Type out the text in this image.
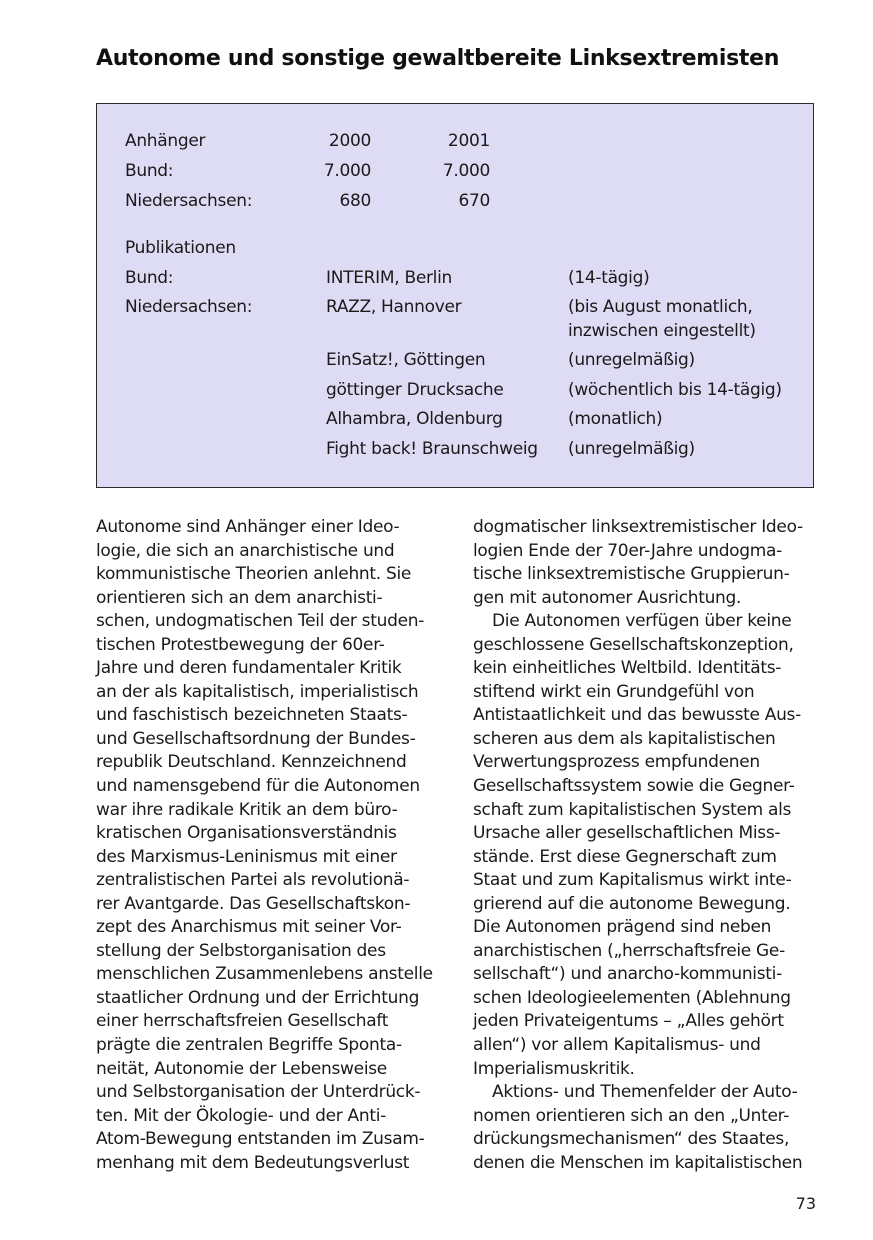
Autonome und sonstige gewaltbereite Linksextremisten
Anhänger	2000	2001
Bund:	7.000	7.000
Niedersachsen:	680	670
Publikationen
Bund:	INTERIM, Berlin	(14-tägig)
Niedersachsen:	RAZZ, Hannover	(bis August monatlich,
inzwischen eingestellt)
EinSatz!, Göttingen	(unregelmäßig)
göttinger Drucksache	(wöchentlich bis 14-tägig)
Alhambra, Oldenburg	(monatlich)
Fight back! Braunschweig (unregelmäßig)
Autonome sind Anhänger einer Ideo-
logie, die sich an anarchistische und
kommunistische Theorien anlehnt. Sie
orientieren sich an dem anarchisti-
schen, undogmatischen Teil der studen-
tischen Protestbewegung der 60er-
Jahre und deren fundamentaler Kritik
an der als kapitalistisch, imperialistisch
und faschistisch bezeichneten Staats-
und Gesellschaftsordnung der Bundes-
republik Deutschland. Kennzeichnend
und namensgebend für die Autonomen
war ihre radikale Kritik an dem büro-
kratischen Organisationsverständnis
des Marxismus-Leninismus mit einer
zentralistischen Partei als revolutionä-
rer Avantgarde. Das Gesellschaftskon-
zept des Anarchismus mit seiner Vor-
stellung der Selbstorganisation des
menschlichen Zusammenlebens anstelle
staatlicher Ordnung und der Errichtung
einer herrschaftsfreien Gesellschaft
prägte die zentralen Begriffe Sponta-
neität, Autonomie der Lebensweise
und Selbstorganisation der Unterdrück-
ten. Mit der Ökologie- und der Anti-
Atom-Bewegung entstanden im Zusam-
menhang mit dem Bedeutungsverlust
dogmatischer linksextremistischer Ideo-
logien Ende der 70er-Jahre undogma-
tische linksextremistische Gruppierun-
gen mit autonomer Ausrichtung.
Die Autonomen verfügen über keine
geschlossene Gesellschaftskonzeption,
kein einheitliches Weltbild. Identitäts-
stiftend wirkt ein Grundgefühl von
Antistaatlichkeit und das bewusste Aus-
scheren aus dem als kapitalistischen
Verwertungsprozess empfundenen
Gesellschaftssystem sowie die Gegner-
schaft zum kapitalistischen System als
Ursache aller gesellschaftlichen Miss-
stände. Erst diese Gegnerschaft zum
Staat und zum Kapitalismus wirkt inte-
grierend auf die autonome Bewegung.
Die Autonomen prägend sind neben
anarchistischen („herrschaftsfreie Ge-
sellschaft“) und anarcho-kommunisti-
schen Ideologieelementen (Ablehnung
jeden Privateigentums – „Alles gehört
allen“) vor allem Kapitalismus- und
Imperialismuskritik.
Aktions- und Themenfelder der Auto-
nomen orientieren sich an den „Unter-
drückungsmechanismen“ des Staates,
denen die Menschen im kapitalistischen
73
